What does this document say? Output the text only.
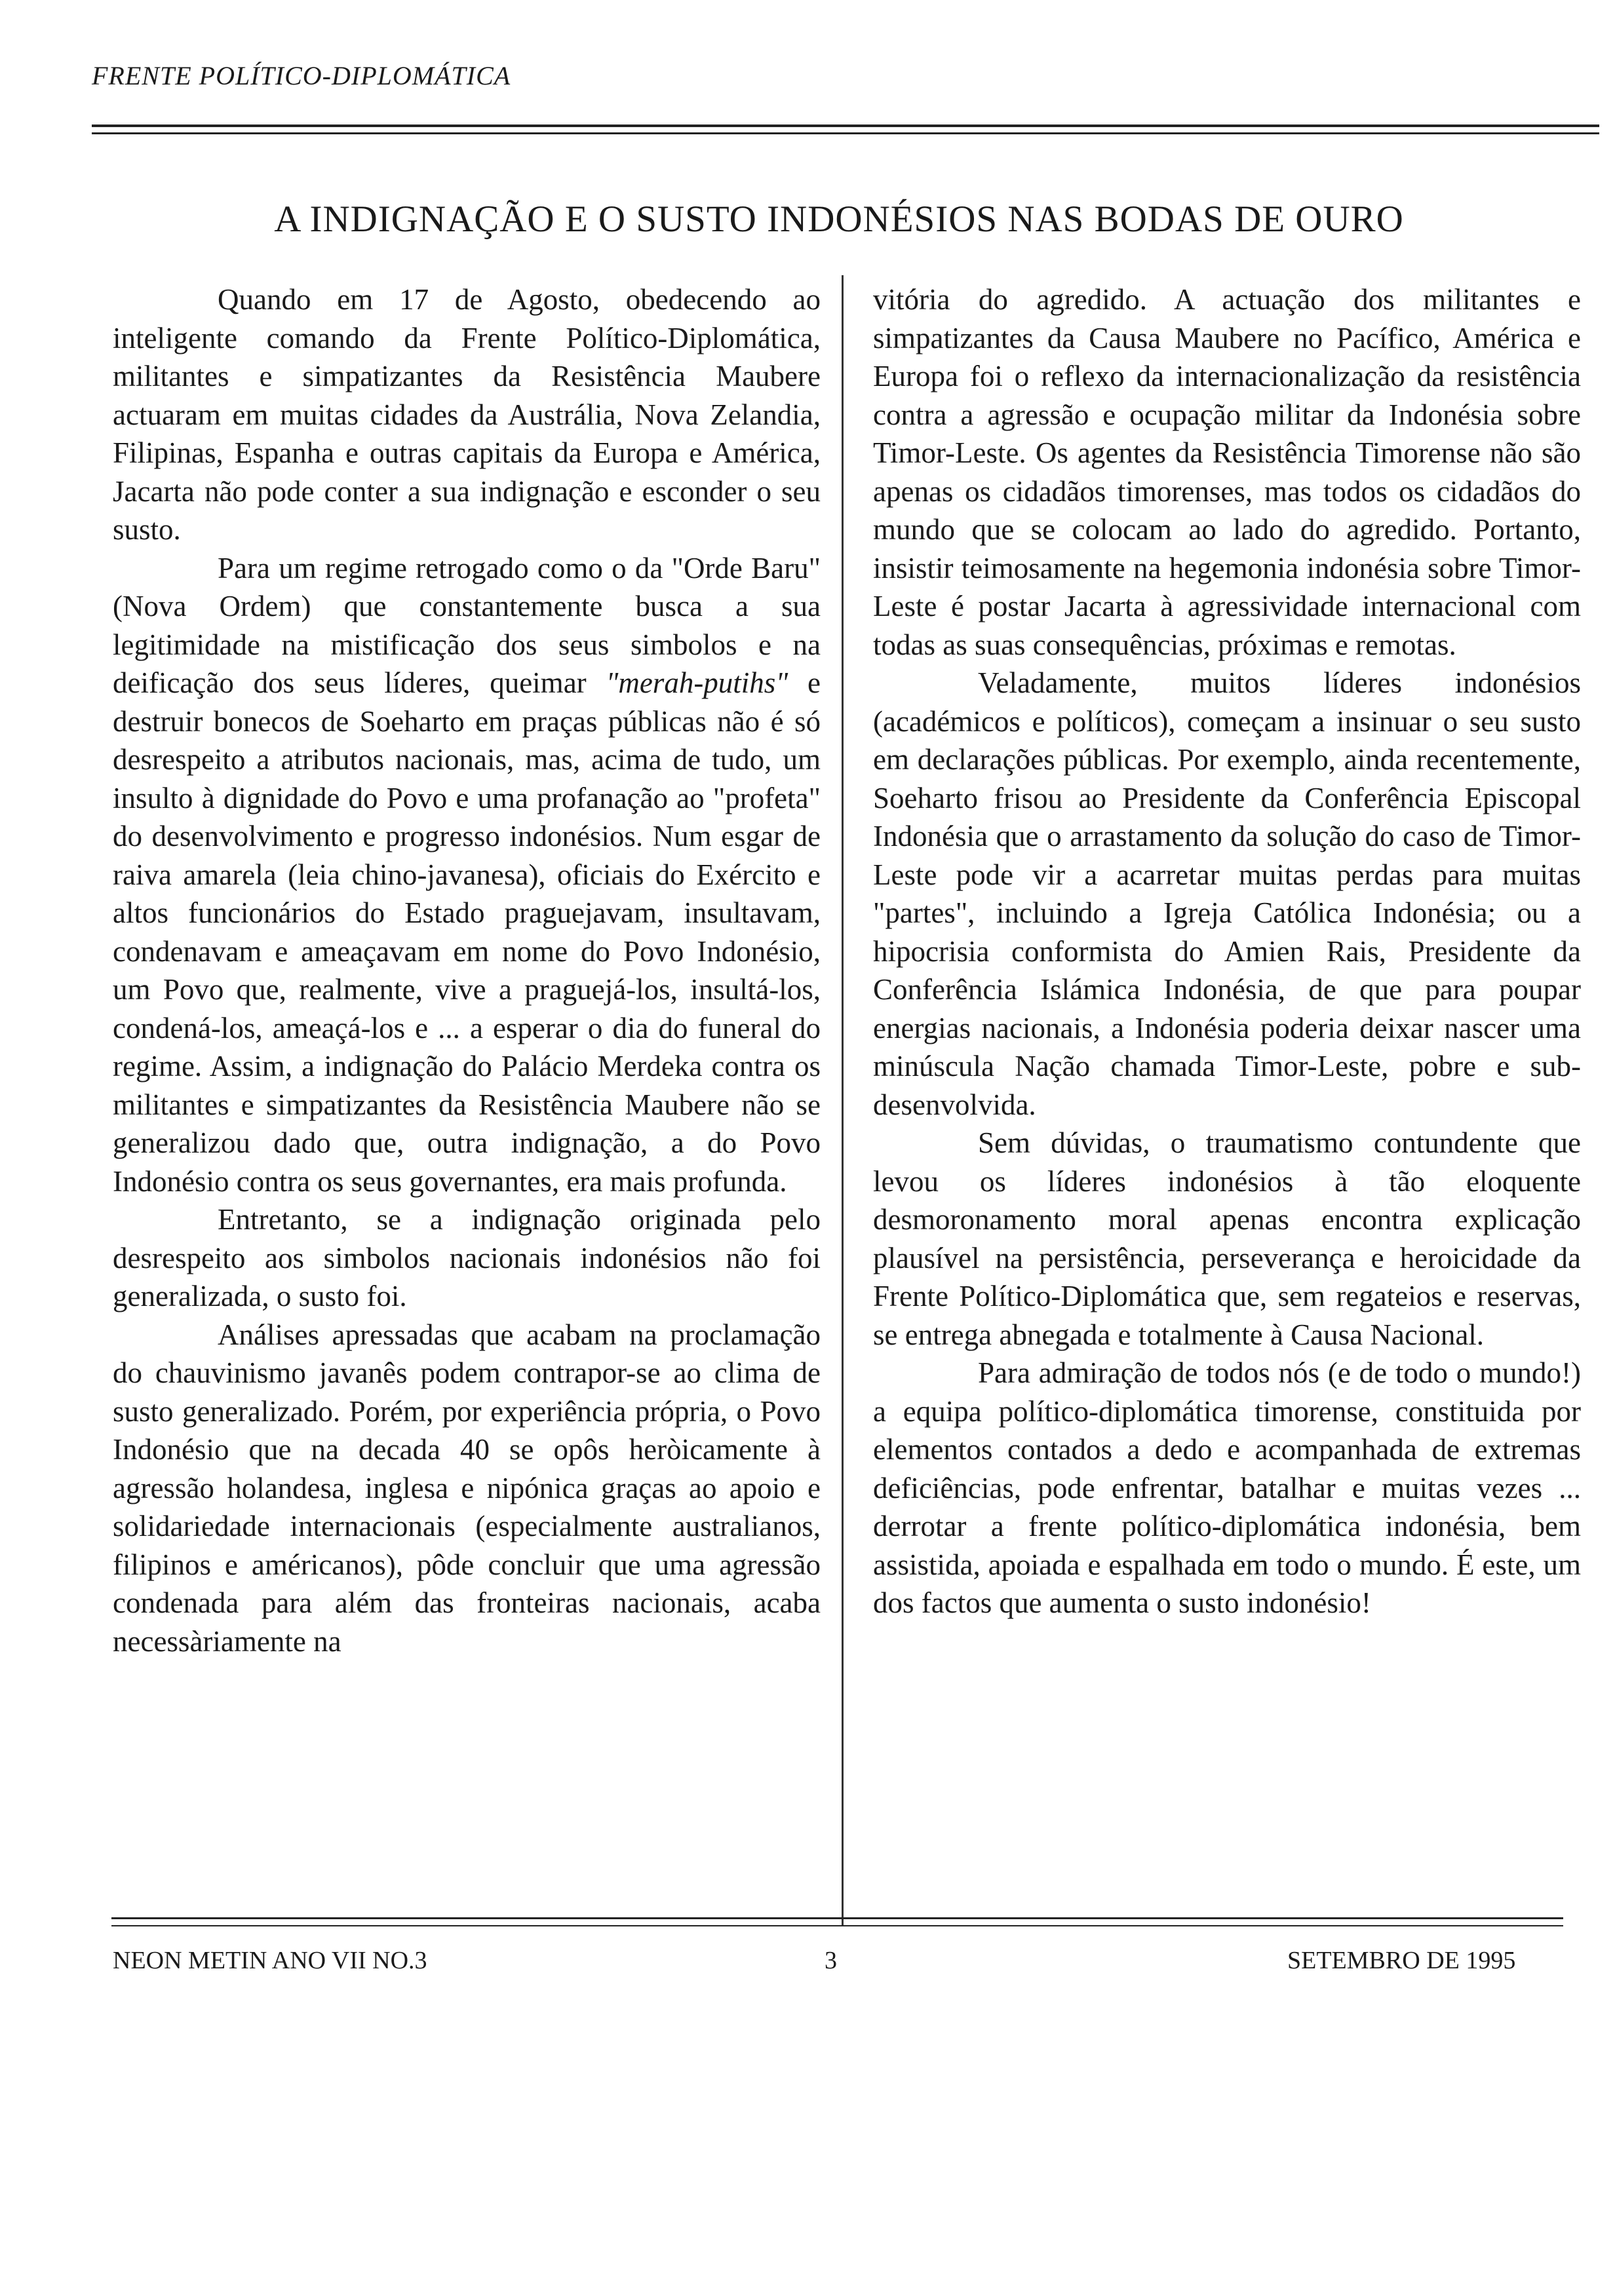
FRENTE POLÍTICO-DIPLOMÁTICA
A INDIGNAÇÃO E O SUSTO INDONÉSIOS NAS BODAS DE OURO

Quando em 17 de Agosto, obedecendo ao inteligente comando da Frente Político-Diplomática, militantes e simpatizantes da Resistência Maubere actuaram em muitas cidades da Austrália, Nova Zelandia, Filipinas, Espanha e outras capitais da Europa e América, Jacarta não pode conter a sua indignação e esconder o seu susto.

Para um regime retrogado como o da "Orde Baru" (Nova Ordem) que constantemente busca a sua legitimidade na mistificação dos seus simbolos e na deificação dos seus líderes, queimar "merah-putihs" e destruir bonecos de Soeharto em praças públicas não é só desrespeito a atributos nacionais, mas, acima de tudo, um insulto à dignidade do Povo e uma profanação ao "profeta" do desenvolvimento e progresso indonésios. Num esgar de raiva amarela (leia chino-javanesa), oficiais do Exército e altos funcionários do Estado praguejavam, insultavam, condenavam e ameaçavam em nome do Povo Indonésio, um Povo que, realmente, vive a praguejá-los, insultá-los, condená-los, ameaçá-los e ... a esperar o dia do funeral do regime. Assim, a indignação do Palácio Merdeka contra os militantes e simpatizantes da Resistência Maubere não se generalizou dado que, outra indignação, a do Povo Indonésio contra os seus governantes, era mais profunda.

Entretanto, se a indignação originada pelo desrespeito aos simbolos nacionais indonésios não foi generalizada, o susto foi.

Análises apressadas que acabam na proclamação do chauvinismo javanês podem contrapor-se ao clima de susto generalizado. Porém, por experiência própria, o Povo Indonésio que na decada 40 se opôs heròicamente à agressão holandesa, inglesa e nipónica graças ao apoio e solidariedade internacionais (especialmente australianos, filipinos e américanos), pôde concluir que uma agressão condenada para além das fronteiras nacionais, acaba necessàriamente na

vitória do agredido. A actuação dos militantes e simpatizantes da Causa Maubere no Pacífico, América e Europa foi o reflexo da internacionalização da resistência contra a agressão e ocupação militar da Indonésia sobre Timor-Leste. Os agentes da Resistência Timorense não são apenas os cidadãos timorenses, mas todos os cidadãos do mundo que se colocam ao lado do agredido. Portanto, insistir teimosamente na hegemonia indonésia sobre Timor-Leste é postar Jacarta à agressividade internacional com todas as suas consequências, próximas e remotas.

Veladamente, muitos líderes indonésios (académicos e políticos), começam a insinuar o seu susto em declarações públicas. Por exemplo, ainda recentemente, Soeharto frisou ao Presidente da Conferência Episcopal Indonésia que o arrastamento da solução do caso de Timor-Leste pode vir a acarretar muitas perdas para muitas "partes", incluindo a Igreja Católica Indonésia; ou a hipocrisia conformista do Amien Rais, Presidente da Conferência Islámica Indonésia, de que para poupar energias nacionais, a Indonésia poderia deixar nascer uma minúscula Nação chamada Timor-Leste, pobre e sub-desenvolvida.

Sem dúvidas, o traumatismo contundente que levou os líderes indonésios à tão eloquente desmoronamento moral apenas encontra explicação plausível na persistência, perseverança e heroicidade da Frente Político-Diplomática que, sem regateios e reservas, se entrega abnegada e totalmente à Causa Nacional.

Para admiração de todos nós (e de todo o mundo!) a equipa político-diplomática timorense, constituida por elementos contados a dedo e acompanhada de extremas deficiências, pode enfrentar, batalhar e muitas vezes ... derrotar a frente político-diplomática indonésia, bem assistida, apoiada e espalhada em todo o mundo. É este, um dos factos que aumenta o susto indonésio!

NEON METIN ANO VII NO.3	3	SETEMBRO DE 1995
